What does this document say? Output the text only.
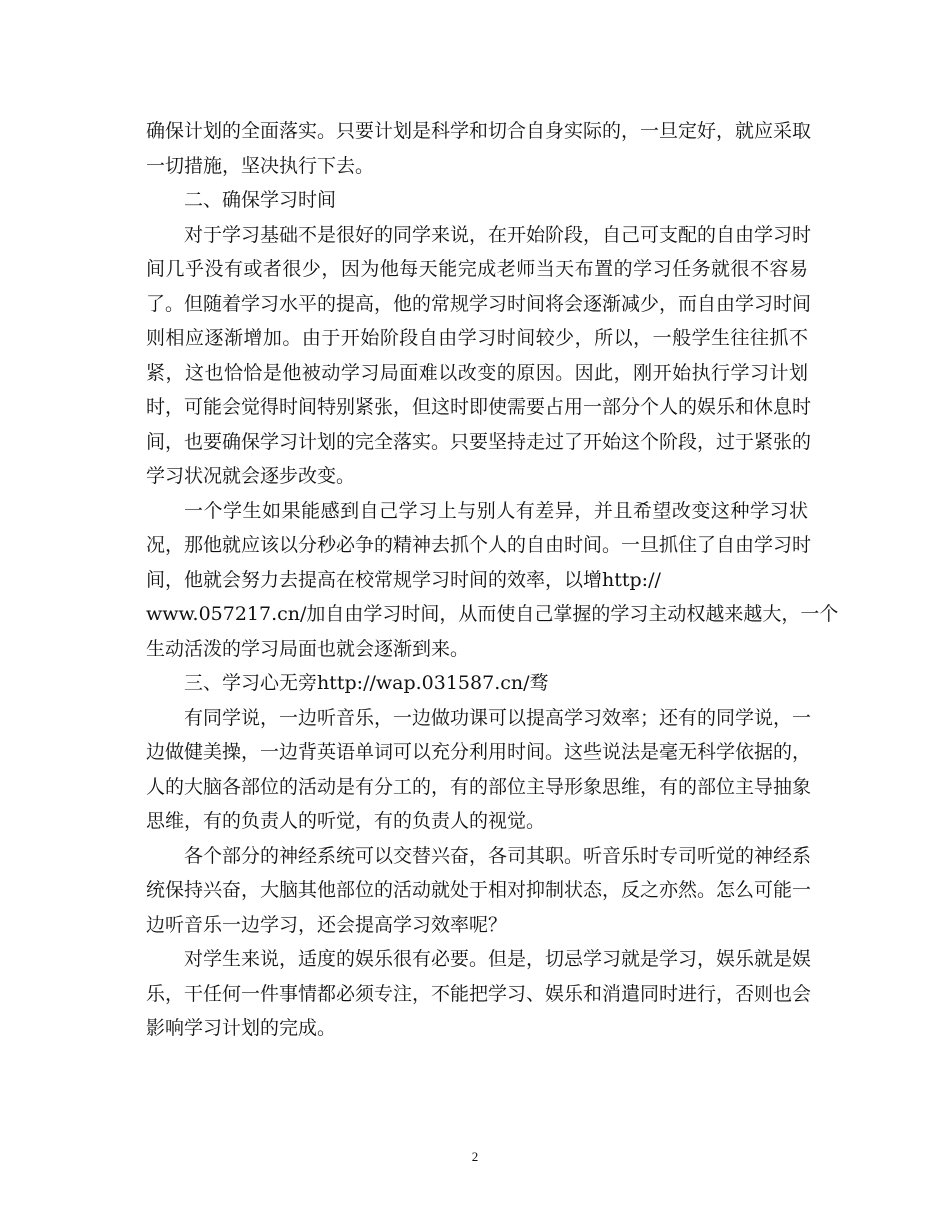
确保计划的全面落实。只要计划是科学和切合自身实际的，一旦定好，就应采取
一切措施，坚决执行下去。
二、确保学习时间
对于学习基础不是很好的同学来说，在开始阶段，自己可支配的自由学习时
间几乎没有或者很少，因为他每天能完成老师当天布置的学习任务就很不容易
了。但随着学习水平的提高，他的常规学习时间将会逐渐减少，而自由学习时间
则相应逐渐增加。由于开始阶段自由学习时间较少，所以，一般学生往往抓不
紧，这也恰恰是他被动学习局面难以改变的原因。因此，刚开始执行学习计划
时，可能会觉得时间特别紧张，但这时即使需要占用一部分个人的娱乐和休息时
间，也要确保学习计划的完全落实。只要坚持走过了开始这个阶段，过于紧张的
学习状况就会逐步改变。
一个学生如果能感到自己学习上与别人有差异，并且希望改变这种学习状
况，那他就应该以分秒必争的精神去抓个人的自由时间。一旦抓住了自由学习时
间，他就会努力去提高在校常规学习时间的效率，以增http://
www.057217.cn/加自由学习时间，从而使自己掌握的学习主动权越来越大，一个
生动活泼的学习局面也就会逐渐到来。
三、学习心无旁http://wap.031587.cn/骛
有同学说，一边听音乐，一边做功课可以提高学习效率；还有的同学说，一
边做健美操，一边背英语单词可以充分利用时间。这些说法是毫无科学依据的，
人的大脑各部位的活动是有分工的，有的部位主导形象思维，有的部位主导抽象
思维，有的负责人的听觉，有的负责人的视觉。
各个部分的神经系统可以交替兴奋，各司其职。听音乐时专司听觉的神经系
统保持兴奋，大脑其他部位的活动就处于相对抑制状态，反之亦然。怎么可能一
边听音乐一边学习，还会提高学习效率呢？
对学生来说，适度的娱乐很有必要。但是，切忌学习就是学习，娱乐就是娱
乐，干任何一件事情都必须专注，不能把学习、娱乐和消遣同时进行，否则也会
影响学习计划的完成。
2
